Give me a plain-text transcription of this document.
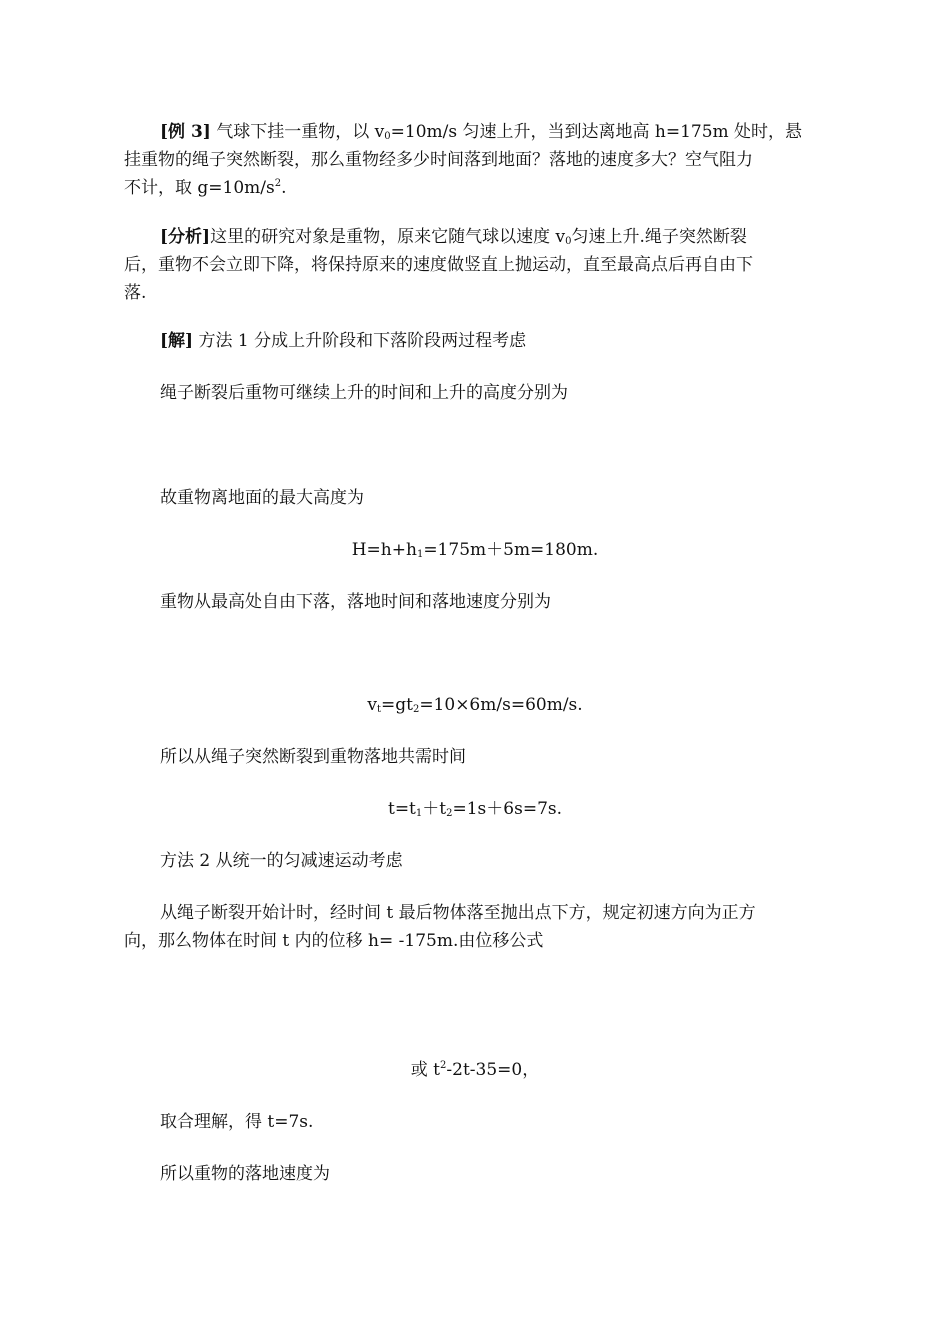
[例 3] 气球下挂一重物，以 $v_0=10m/s$ 匀速上升，当到达离地高 h=175m 处时，悬

挂重物的绳子突然断裂，那么重物经多少时间落到地面？落地的速度多大？空气阻力

不计，取 $g=10m/s^2$.

[分析]这里的研究对象是重物，原来它随气球以速度 $v_0$匀速上升.绳子突然断裂

后，重物不会立即下降，将保持原来的速度做竖直上抛运动，直至最高点后再自由下

落.

[解] 方法 1 分成上升阶段和下落阶段两过程考虑

绳子断裂后重物可继续上升的时间和上升的高度分别为

故重物离地面的最大高度为

$H=h+h_1=175m+5m=180m$.

重物从最高处自由下落，落地时间和落地速度分别为

$v_t=gt_2=10\times 6m/s=60m/s$.

所以从绳子突然断裂到重物落地共需时间

$t=t_1+t_2=1s+6s=7s$.

方法 2 从统一的匀减速运动考虑

从绳子断裂开始计时，经时间 t 最后物体落至抛出点下方，规定初速方向为正方

向，那么物体在时间 t 内的位移 h= -175m.由位移公式

或 $t^2-2t-35=0$，

取合理解，得 t=7s.

所以重物的落地速度为
